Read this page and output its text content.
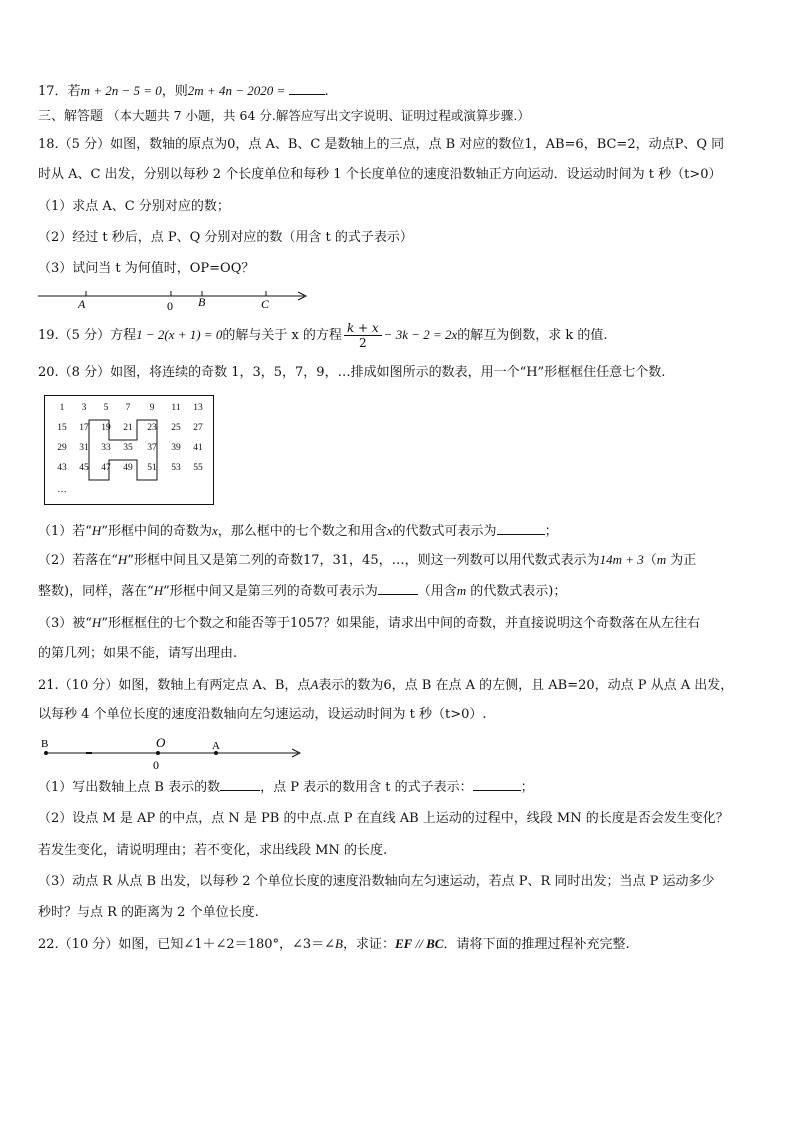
17．若m + 2n − 5 = 0，则2m + 4n − 2020 =	.
三、解答题 （本大题共 7 小题，共 64 分.解答应写出文字说明、证明过程或演算步骤.）
18.（5 分）如图，数轴的原点为0，点 A、B、C 是数轴上的三点，点 B 对应的数位1，AB=6，BC=2，动点P、Q 同
时从 A、C 出发，分别以每秒 2 个长度单位和每秒 1 个长度单位的速度沿数轴正方向运动．设运动时间为 t 秒（t>0）
（1）求点 A、C 分别对应的数；
（2）经过 t 秒后，点 P、Q 分别对应的数（用含 t 的式子表示）
（3）试问当 t 为何值时，OP=OQ？
A	0 B	C
19.（5 分）方程1 − 2(x + 1) = 0的解与关于 x 的方程 $\frac{k + x}{2} - 3k - 2 = 2x$的解互为倒数，求 k 的值.
20.（8 分）如图，将连续的奇数 1，3，5，7，9，…排成如图所示的数表，用一个“H”形框框住任意七个数.
1	3	5	7	9	11	13
15	17	19	21	23	25	27
29	31	33	35	37	39	41
43	45	47	49	51	53	55
…
（1）若“H”形框中间的奇数为x，那么框中的七个数之和用含x的代数式可表示为	；
（2）若落在“H”形框中间且又是第二列的奇数17，31，45，…，则这一列数可以用代数式表示为14m + 3（m 为正
整数)，同样，落在“H”形框中间又是第三列的奇数可表示为	（用含m 的代数式表示)；
（3）被“H”形框框住的七个数之和能否等于1057？如果能，请求出中间的奇数，并直接说明这个奇数落在从左往右
的第几列；如果不能，请写出理由.
21.（10 分）如图，数轴上有两定点 A、B，点A表示的数为6，点 B 在点 A 的左侧，且 AB=20，动点 P 从点 A 出发，
以每秒 4 个单位长度的速度沿数轴向左匀速运动，设运动时间为 t 秒（t>0）.
B	O
0
A
（1）写出数轴上点 B 表示的数	，点 P 表示的数用含 t 的式子表示：	；
（2）设点 M 是 AP 的中点，点 N 是 PB 的中点.点 P 在直线 AB 上运动的过程中，线段 MN 的长度是否会发生变化？
若发生变化，请说明理由；若不变化，求出线段 MN 的长度.
（3）动点 R 从点 B 出发，以每秒 2 个单位长度的速度沿数轴向左匀速运动，若点 P、R 同时出发；当点 P 运动多少
秒时？与点 R 的距离为 2 个单位长度.
22.（10 分）如图，已知∠1＋∠2＝180°，∠3＝∠B，求证：EF // BC．请将下面的推理过程补充完整.
